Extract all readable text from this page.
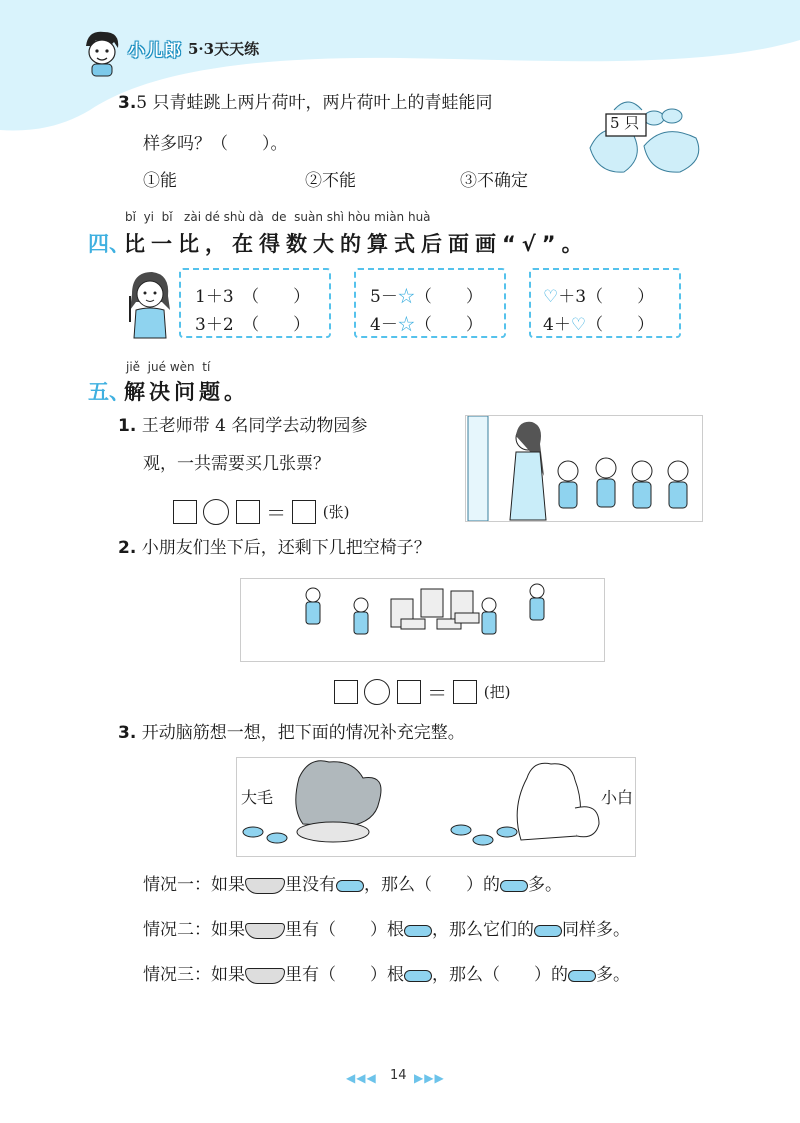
小儿郎 5·3天天练
3.5 只青蛙跳上两片荷叶，两片荷叶上的青蛙能同
样多吗？（　　）。
①能	②不能	③不确定
5 只
bǐ  yi  bǐ   zài dé shù dà  de  suàn shì hòu miàn huà
四、
比一比，在得数大的算式后面画“√”。
1＋3　（　　）
3＋2　（　　）
5－☆（　　）
4－☆（　　）
♡＋3（　　）
4＋♡（　　）
jiě  jué wèn  tí
五、
解决问题。
1. 王老师带 4 名同学去动物园参
观，一共需要买几张票？
＝ (张)
2. 小朋友们坐下后，还剩下几把空椅子？
＝ (把)
3. 开动脑筋想一想，把下面的情况补充完整。
大毛	小白
情况一：如果 里没有 ，那么（　　）的 多。
情况二：如果 里有（　　）根 ，那么它们的 同样多。
情况三：如果 里有（　　）根 ，那么（　　）的 多。
◀◀◀ 14 ▶▶▶
